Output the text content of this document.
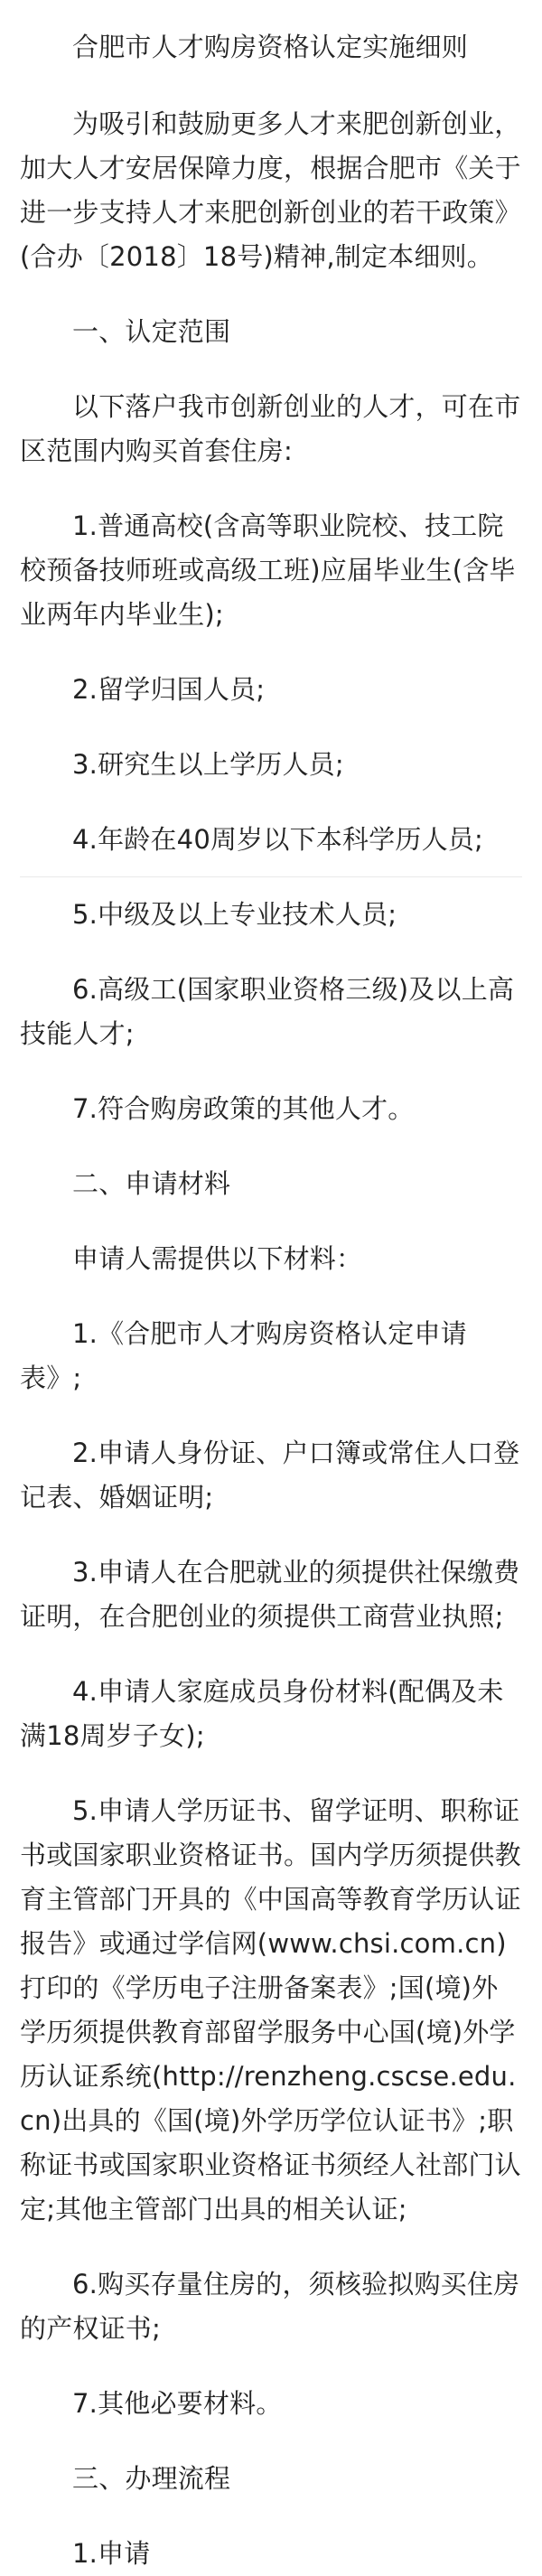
合肥市人才购房资格认定实施细则

为吸引和鼓励更多人才来肥创新创业，加大人才安居保障力度，根据合肥市《关于进一步支持人才来肥创新创业的若干政策》(合办〔2018〕18号)精神,制定本细则。

一、认定范围

以下落户我市创新创业的人才，可在市区范围内购买首套住房:

1.普通高校(含高等职业院校、技工院校预备技师班或高级工班)应届毕业生(含毕业两年内毕业生);

2.留学归国人员;

3.研究生以上学历人员;

4.年龄在40周岁以下本科学历人员;

5.中级及以上专业技术人员;

6.高级工(国家职业资格三级)及以上高技能人才;

7.符合购房政策的其他人才。

二、申请材料

申请人需提供以下材料：

1.《合肥市人才购房资格认定申请表》;

2.申请人身份证、户口簿或常住人口登记表、婚姻证明;

3.申请人在合肥就业的须提供社保缴费证明，在合肥创业的须提供工商营业执照;

4.申请人家庭成员身份材料(配偶及未满18周岁子女);

5.申请人学历证书、留学证明、职称证书或国家职业资格证书。国内学历须提供教育主管部门开具的《中国高等教育学历认证报告》或通过学信网(www.chsi.com.cn)打印的《学历电子注册备案表》;国(境)外学历须提供教育部留学服务中心国(境)外学历认证系统(http://renzheng.cscse.edu.cn)出具的《国(境)外学历学位认证书》;职称证书或国家职业资格证书须经人社部门认定;其他主管部门出具的相关认证;

6.购买存量住房的，须核验拟购买住房的产权证书;

7.其他必要材料。

三、办理流程

1.申请
